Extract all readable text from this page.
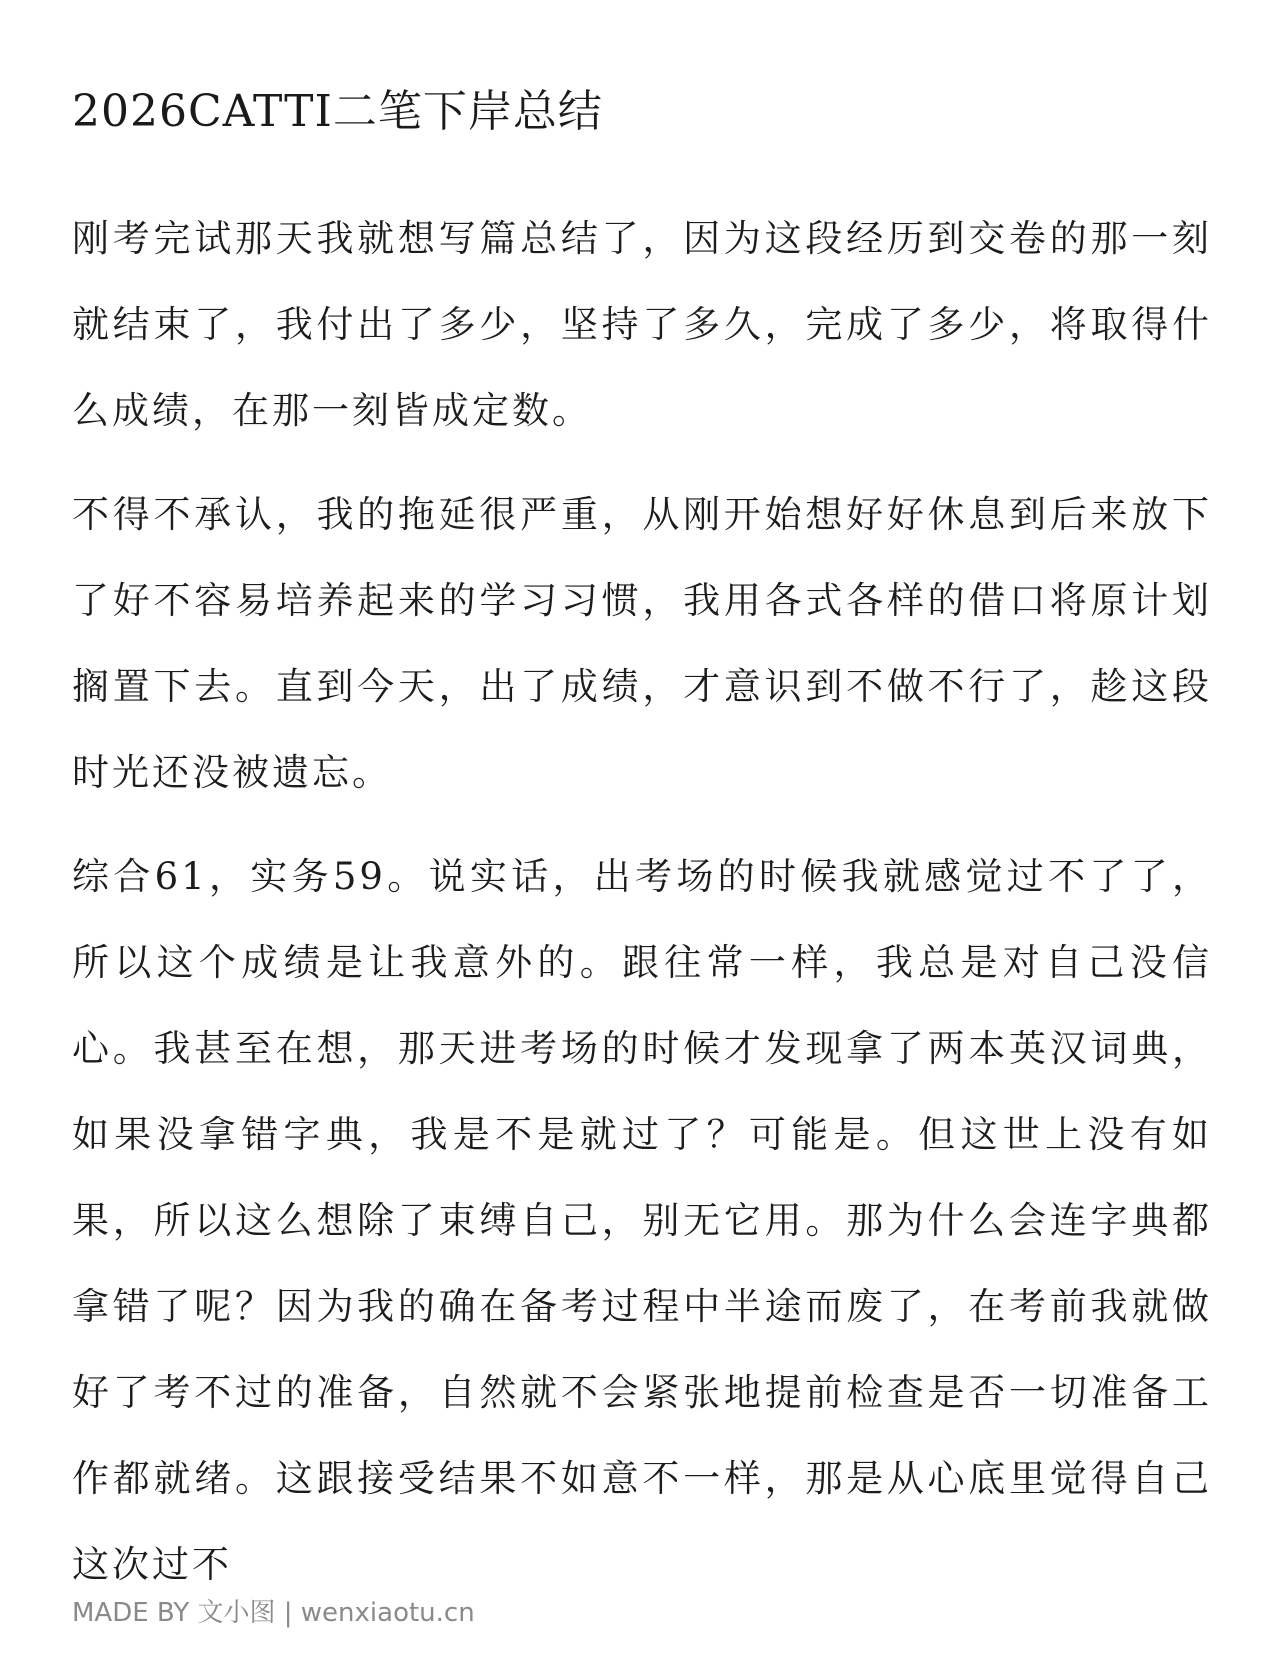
2026CATTI二笔下岸总结

刚考完试那天我就想写篇总结了，因为这段经历到交卷的那一刻就结束了，我付出了多少，坚持了多久，完成了多少，将取得什么成绩，在那一刻皆成定数。

不得不承认，我的拖延很严重，从刚开始想好好休息到后来放下了好不容易培养起来的学习习惯，我用各式各样的借口将原计划搁置下去。直到今天，出了成绩，才意识到不做不行了，趁这段时光还没被遗忘。

综合61，实务59。说实话，出考场的时候我就感觉过不了了，所以这个成绩是让我意外的。跟往常一样，我总是对自己没信心。我甚至在想，那天进考场的时候才发现拿了两本英汉词典，如果没拿错字典，我是不是就过了？可能是。但这世上没有如果，所以这么想除了束缚自己，别无它用。那为什么会连字典都拿错了呢？因为我的确在备考过程中半途而废了，在考前我就做好了考不过的准备，自然就不会紧张地提前检查是否一切准备工作都就绪。这跟接受结果不如意不一样，那是从心底里觉得自己这次过不

MADE BY 文小图 | wenxiaotu.cn
